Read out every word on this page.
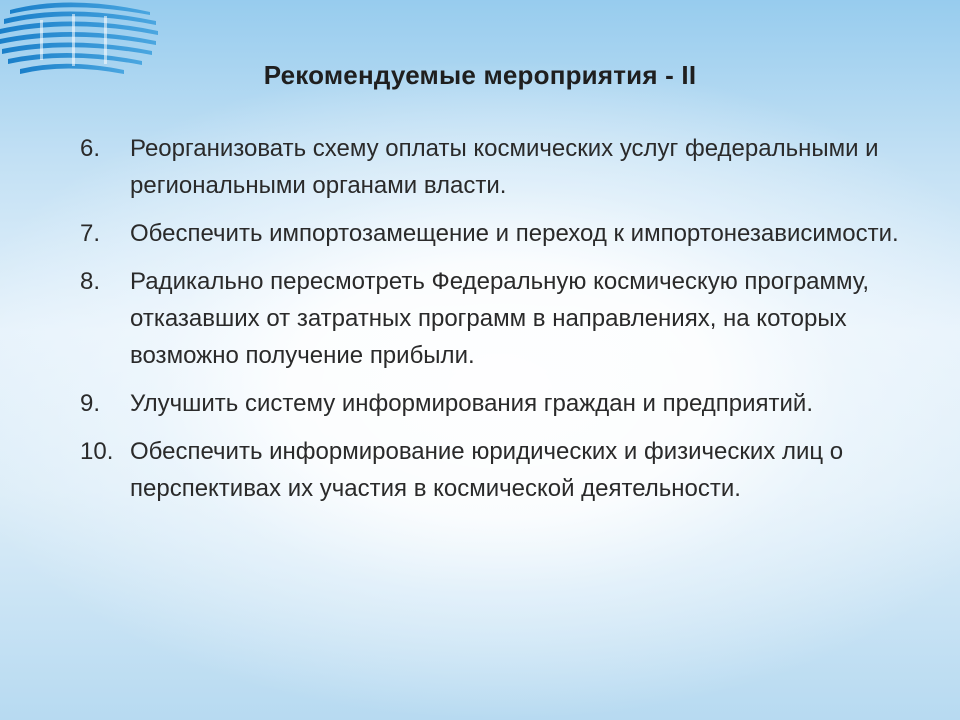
Рекомендуемые мероприятия - II
6.	Реорганизовать схему оплаты космических услуг федеральными и региональными органами власти.
7.	Обеспечить импортозамещение и переход к импортонезависимости.
8.	Радикально пересмотреть Федеральную космическую программу, отказавших от затратных программ в направлениях, на которых возможно получение прибыли.
9.	Улучшить систему информирования граждан и предприятий.
10. Обеспечить информирование юридических и физических лиц о перспективах их участия в космической деятельности.
